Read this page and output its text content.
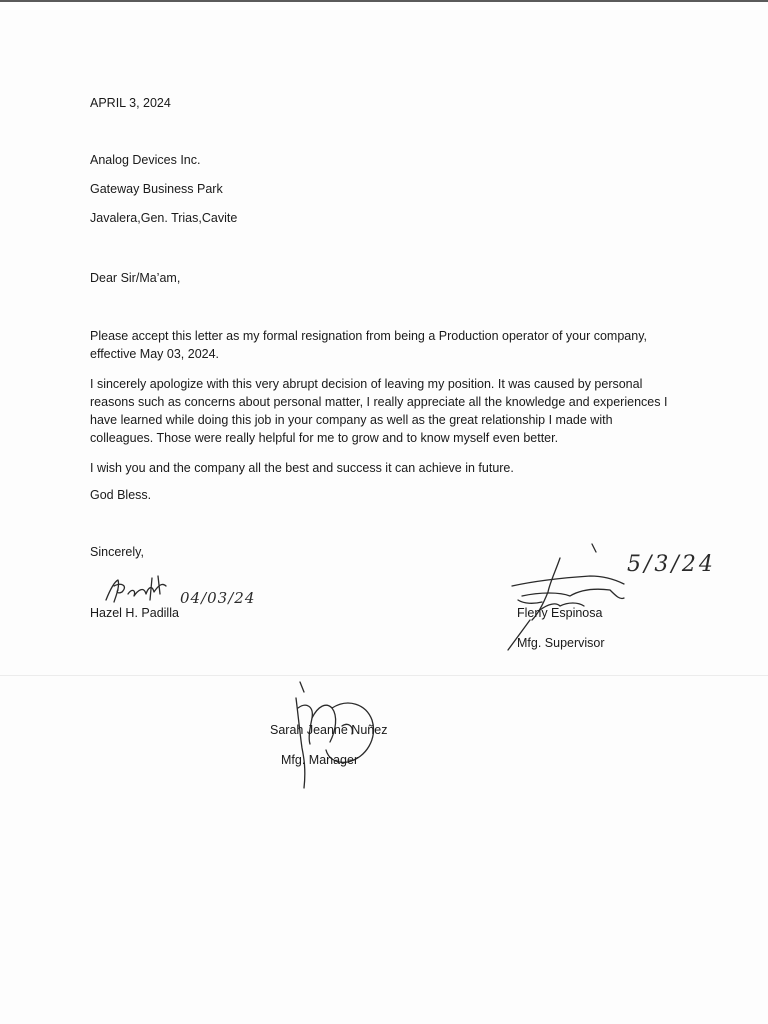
APRIL 3, 2024
Analog Devices Inc.
Gateway Business Park
Javalera,Gen. Trias,Cavite
Dear Sir/Ma’am,
Please accept this letter as my formal resignation from being a Production operator of your company,
effective May 03, 2024.
I sincerely apologize with this very abrupt decision of leaving my position. It was caused by personal
reasons such as concerns about personal matter, I really appreciate all the knowledge and experiences I
have learned while doing this job in your company as well as the great relationship I made with
colleagues. Those were really helpful for me to grow and to know myself even better.
I wish you and the company all the best and success it can achieve in future.
God Bless.
Sincerely,
04/03/24
Hazel H. Padilla
5/3/24
Fleny Espinosa
Mfg. Supervisor
Sarah Jeanne Nuñez
Mfg. Manager
